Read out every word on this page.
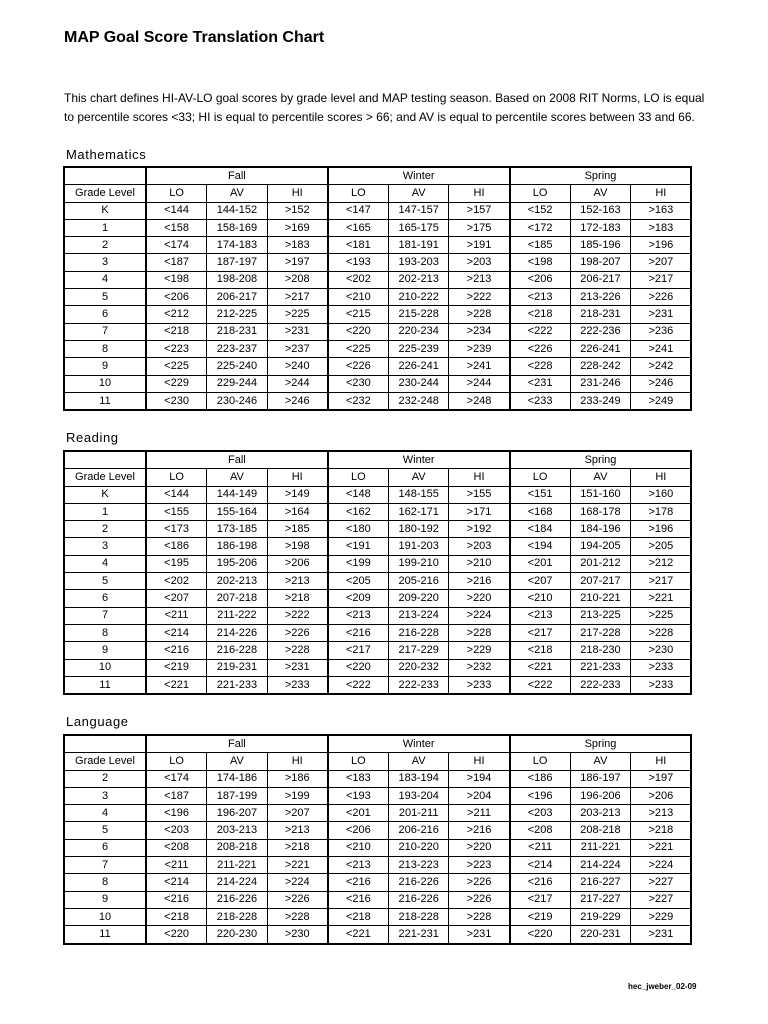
MAP Goal Score Translation Chart

This chart defines HI-AV-LO goal scores by grade level and MAP testing season. Based on 2008 RIT Norms, LO is equal to percentile scores <33; HI is equal to percentile scores > 66; and AV is equal to percentile scores between 33 and 66.

Mathematics
	Fall			Winter			Spring		
Grade Level	LO	AV	HI	LO	AV	HI	LO	AV	HI
K	<144	144-152	>152	<147	147-157	>157	<152	152-163	>163
1	<158	158-169	>169	<165	165-175	>175	<172	172-183	>183
2	<174	174-183	>183	<181	181-191	>191	<185	185-196	>196
3	<187	187-197	>197	<193	193-203	>203	<198	198-207	>207
4	<198	198-208	>208	<202	202-213	>213	<206	206-217	>217
5	<206	206-217	>217	<210	210-222	>222	<213	213-226	>226
6	<212	212-225	>225	<215	215-228	>228	<218	218-231	>231
7	<218	218-231	>231	<220	220-234	>234	<222	222-236	>236
8	<223	223-237	>237	<225	225-239	>239	<226	226-241	>241
9	<225	225-240	>240	<226	226-241	>241	<228	228-242	>242
10	<229	229-244	>244	<230	230-244	>244	<231	231-246	>246
11	<230	230-246	>246	<232	232-248	>248	<233	233-249	>249
Reading
	Fall			Winter			Spring		
Grade Level	LO	AV	HI	LO	AV	HI	LO	AV	HI
K	<144	144-149	>149	<148	148-155	>155	<151	151-160	>160
1	<155	155-164	>164	<162	162-171	>171	<168	168-178	>178
2	<173	173-185	>185	<180	180-192	>192	<184	184-196	>196
3	<186	186-198	>198	<191	191-203	>203	<194	194-205	>205
4	<195	195-206	>206	<199	199-210	>210	<201	201-212	>212
5	<202	202-213	>213	<205	205-216	>216	<207	207-217	>217
6	<207	207-218	>218	<209	209-220	>220	<210	210-221	>221
7	<211	211-222	>222	<213	213-224	>224	<213	213-225	>225
8	<214	214-226	>226	<216	216-228	>228	<217	217-228	>228
9	<216	216-228	>228	<217	217-229	>229	<218	218-230	>230
10	<219	219-231	>231	<220	220-232	>232	<221	221-233	>233
11	<221	221-233	>233	<222	222-233	>233	<222	222-233	>233
Language
	Fall			Winter			Spring		
Grade Level	LO	AV	HI	LO	AV	HI	LO	AV	HI
2	<174	174-186	>186	<183	183-194	>194	<186	186-197	>197
3	<187	187-199	>199	<193	193-204	>204	<196	196-206	>206
4	<196	196-207	>207	<201	201-211	>211	<203	203-213	>213
5	<203	203-213	>213	<206	206-216	>216	<208	208-218	>218
6	<208	208-218	>218	<210	210-220	>220	<211	211-221	>221
7	<211	211-221	>221	<213	213-223	>223	<214	214-224	>224
8	<214	214-224	>224	<216	216-226	>226	<216	216-227	>227
9	<216	216-226	>226	<216	216-226	>226	<217	217-227	>227
10	<218	218-228	>228	<218	218-228	>228	<219	219-229	>229
11	<220	220-230	>230	<221	221-231	>231	<220	220-231	>231
hec_jweber_02-09
